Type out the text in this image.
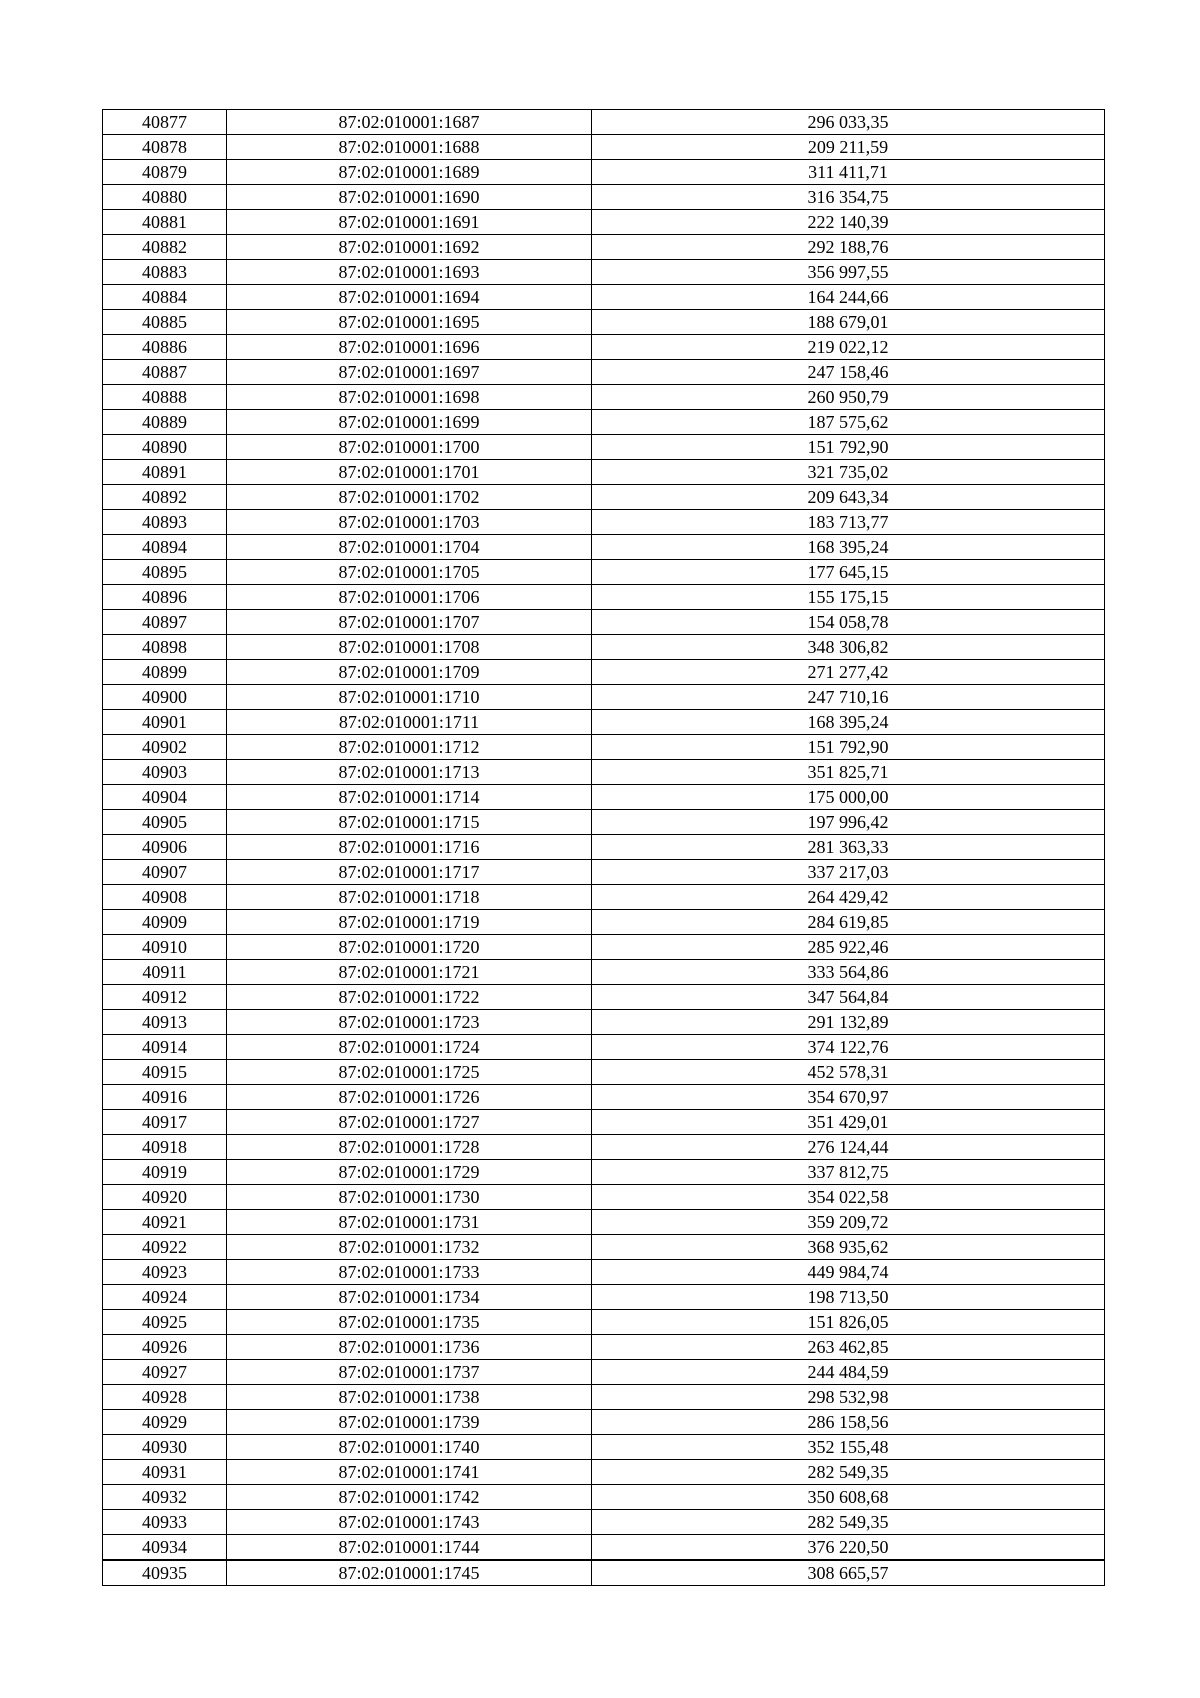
40877	87:02:010001:1687	296 033,35
40878	87:02:010001:1688	209 211,59
40879	87:02:010001:1689	311 411,71
40880	87:02:010001:1690	316 354,75
40881	87:02:010001:1691	222 140,39
40882	87:02:010001:1692	292 188,76
40883	87:02:010001:1693	356 997,55
40884	87:02:010001:1694	164 244,66
40885	87:02:010001:1695	188 679,01
40886	87:02:010001:1696	219 022,12
40887	87:02:010001:1697	247 158,46
40888	87:02:010001:1698	260 950,79
40889	87:02:010001:1699	187 575,62
40890	87:02:010001:1700	151 792,90
40891	87:02:010001:1701	321 735,02
40892	87:02:010001:1702	209 643,34
40893	87:02:010001:1703	183 713,77
40894	87:02:010001:1704	168 395,24
40895	87:02:010001:1705	177 645,15
40896	87:02:010001:1706	155 175,15
40897	87:02:010001:1707	154 058,78
40898	87:02:010001:1708	348 306,82
40899	87:02:010001:1709	271 277,42
40900	87:02:010001:1710	247 710,16
40901	87:02:010001:1711	168 395,24
40902	87:02:010001:1712	151 792,90
40903	87:02:010001:1713	351 825,71
40904	87:02:010001:1714	175 000,00
40905	87:02:010001:1715	197 996,42
40906	87:02:010001:1716	281 363,33
40907	87:02:010001:1717	337 217,03
40908	87:02:010001:1718	264 429,42
40909	87:02:010001:1719	284 619,85
40910	87:02:010001:1720	285 922,46
40911	87:02:010001:1721	333 564,86
40912	87:02:010001:1722	347 564,84
40913	87:02:010001:1723	291 132,89
40914	87:02:010001:1724	374 122,76
40915	87:02:010001:1725	452 578,31
40916	87:02:010001:1726	354 670,97
40917	87:02:010001:1727	351 429,01
40918	87:02:010001:1728	276 124,44
40919	87:02:010001:1729	337 812,75
40920	87:02:010001:1730	354 022,58
40921	87:02:010001:1731	359 209,72
40922	87:02:010001:1732	368 935,62
40923	87:02:010001:1733	449 984,74
40924	87:02:010001:1734	198 713,50
40925	87:02:010001:1735	151 826,05
40926	87:02:010001:1736	263 462,85
40927	87:02:010001:1737	244 484,59
40928	87:02:010001:1738	298 532,98
40929	87:02:010001:1739	286 158,56
40930	87:02:010001:1740	352 155,48
40931	87:02:010001:1741	282 549,35
40932	87:02:010001:1742	350 608,68
40933	87:02:010001:1743	282 549,35
40934	87:02:010001:1744	376 220,50
40935	87:02:010001:1745	308 665,57
